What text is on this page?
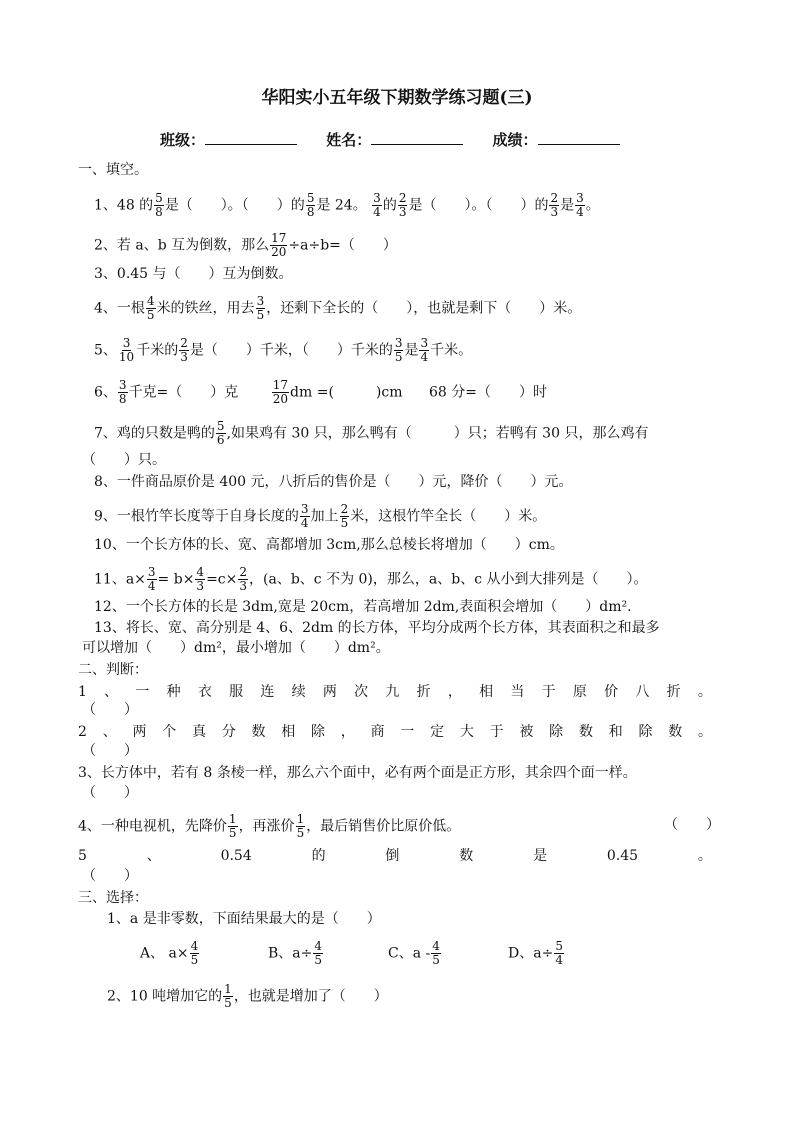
华阳实小五年级下期数学练习题(三)
班级：	姓名：	成绩：
一、填空。
1、48 的 $\frac{5}{8}$ 是（　　）。（　　）的 $\frac{5}{8}$ 是 24。 $\frac{3}{4}$ 的 $\frac{2}{3}$ 是（　　）。（　　）的 $\frac{2}{3}$ 是 $\frac{3}{4}$ 。
2、若 a、b 互为倒数，那么 $\frac{17}{20} \div a\div b=$（　　）
3、0.45 与（　　）互为倒数。
4、一根 $\frac{4}{5}$ 米的铁丝，用去 $\frac{3}{5}$ ，还剩下全长的（　　），也就是剩下（　　）米。
5、 $\frac{3}{10}$ 千米的 $\frac{2}{3}$ 是（　　）千米，（　　）千米的 $\frac{3}{5}$ 是 $\frac{3}{4}$ 千米。
6、 $\frac{3}{8}$ 千克=（　　）克	$\frac{17}{20}$ dm =(　　　)cm 68 分=（　　）时
7、鸡的只数是鸭的 $\frac{5}{6}$ ,如果鸡有 30 只，那么鸭有（　　　）只；若鸭有 30 只，那么鸡有
（　　）只。
8、一件商品原价是 400 元，八折后的售价是（　　）元，降价（　　）元。
9、一根竹竿长度等于自身长度的 $\frac{3}{4}$ 加上 $\frac{2}{5}$ 米，这根竹竿全长（　　）米。
10、一个长方体的长、宽、高都增加 3cm,那么总棱长将增加（　　）cm。
11、$a\times \frac{3}{4} = b\times \frac{4}{3} =c\times \frac{2}{3}$ ，(a、b、c 不为 0)，那么，a、b、c 从小到大排列是（　　）。
12、一个长方体的长是 3dm,宽是 20cm，若高增加 2dm,表面积会增加（　　）dm².
13、将长、宽、高分别是 4、6、2dm 的长方体，平均分成两个长方体，其表面积之和最多
可以增加（　　）dm²，最小增加（　　）dm²。
二、判断：
1 、 一 种 衣 服 连 续 两 次 九 折 ， 相 当 于 原 价 八 折 。
（　　）
2 、 两 个 真 分 数 相 除 ， 商 一 定 大 于 被 除 数 和 除 数 。
（　　）
3、长方体中，若有 8 条棱一样，那么六个面中，必有两个面是正方形，其余四个面一样。
（　　）
4、一种电视机，先降价 $\frac{1}{5}$ ，再涨价 $\frac{1}{5}$ ，最后销售价比原价低。	（　　）
5	、	0.54	的	倒	数	是	0.45	。
（　　）
三、选择：
1、a 是非零数，下面结果最大的是（　　）
A、 $a\times \frac{4}{5}$	B、$a\div \frac{4}{5}$	C、a - $\frac{4}{5}$	D、$a\div \frac{5}{4}$
2、10 吨增加它的 $\frac{1}{5}$ ，也就是增加了（　　）
